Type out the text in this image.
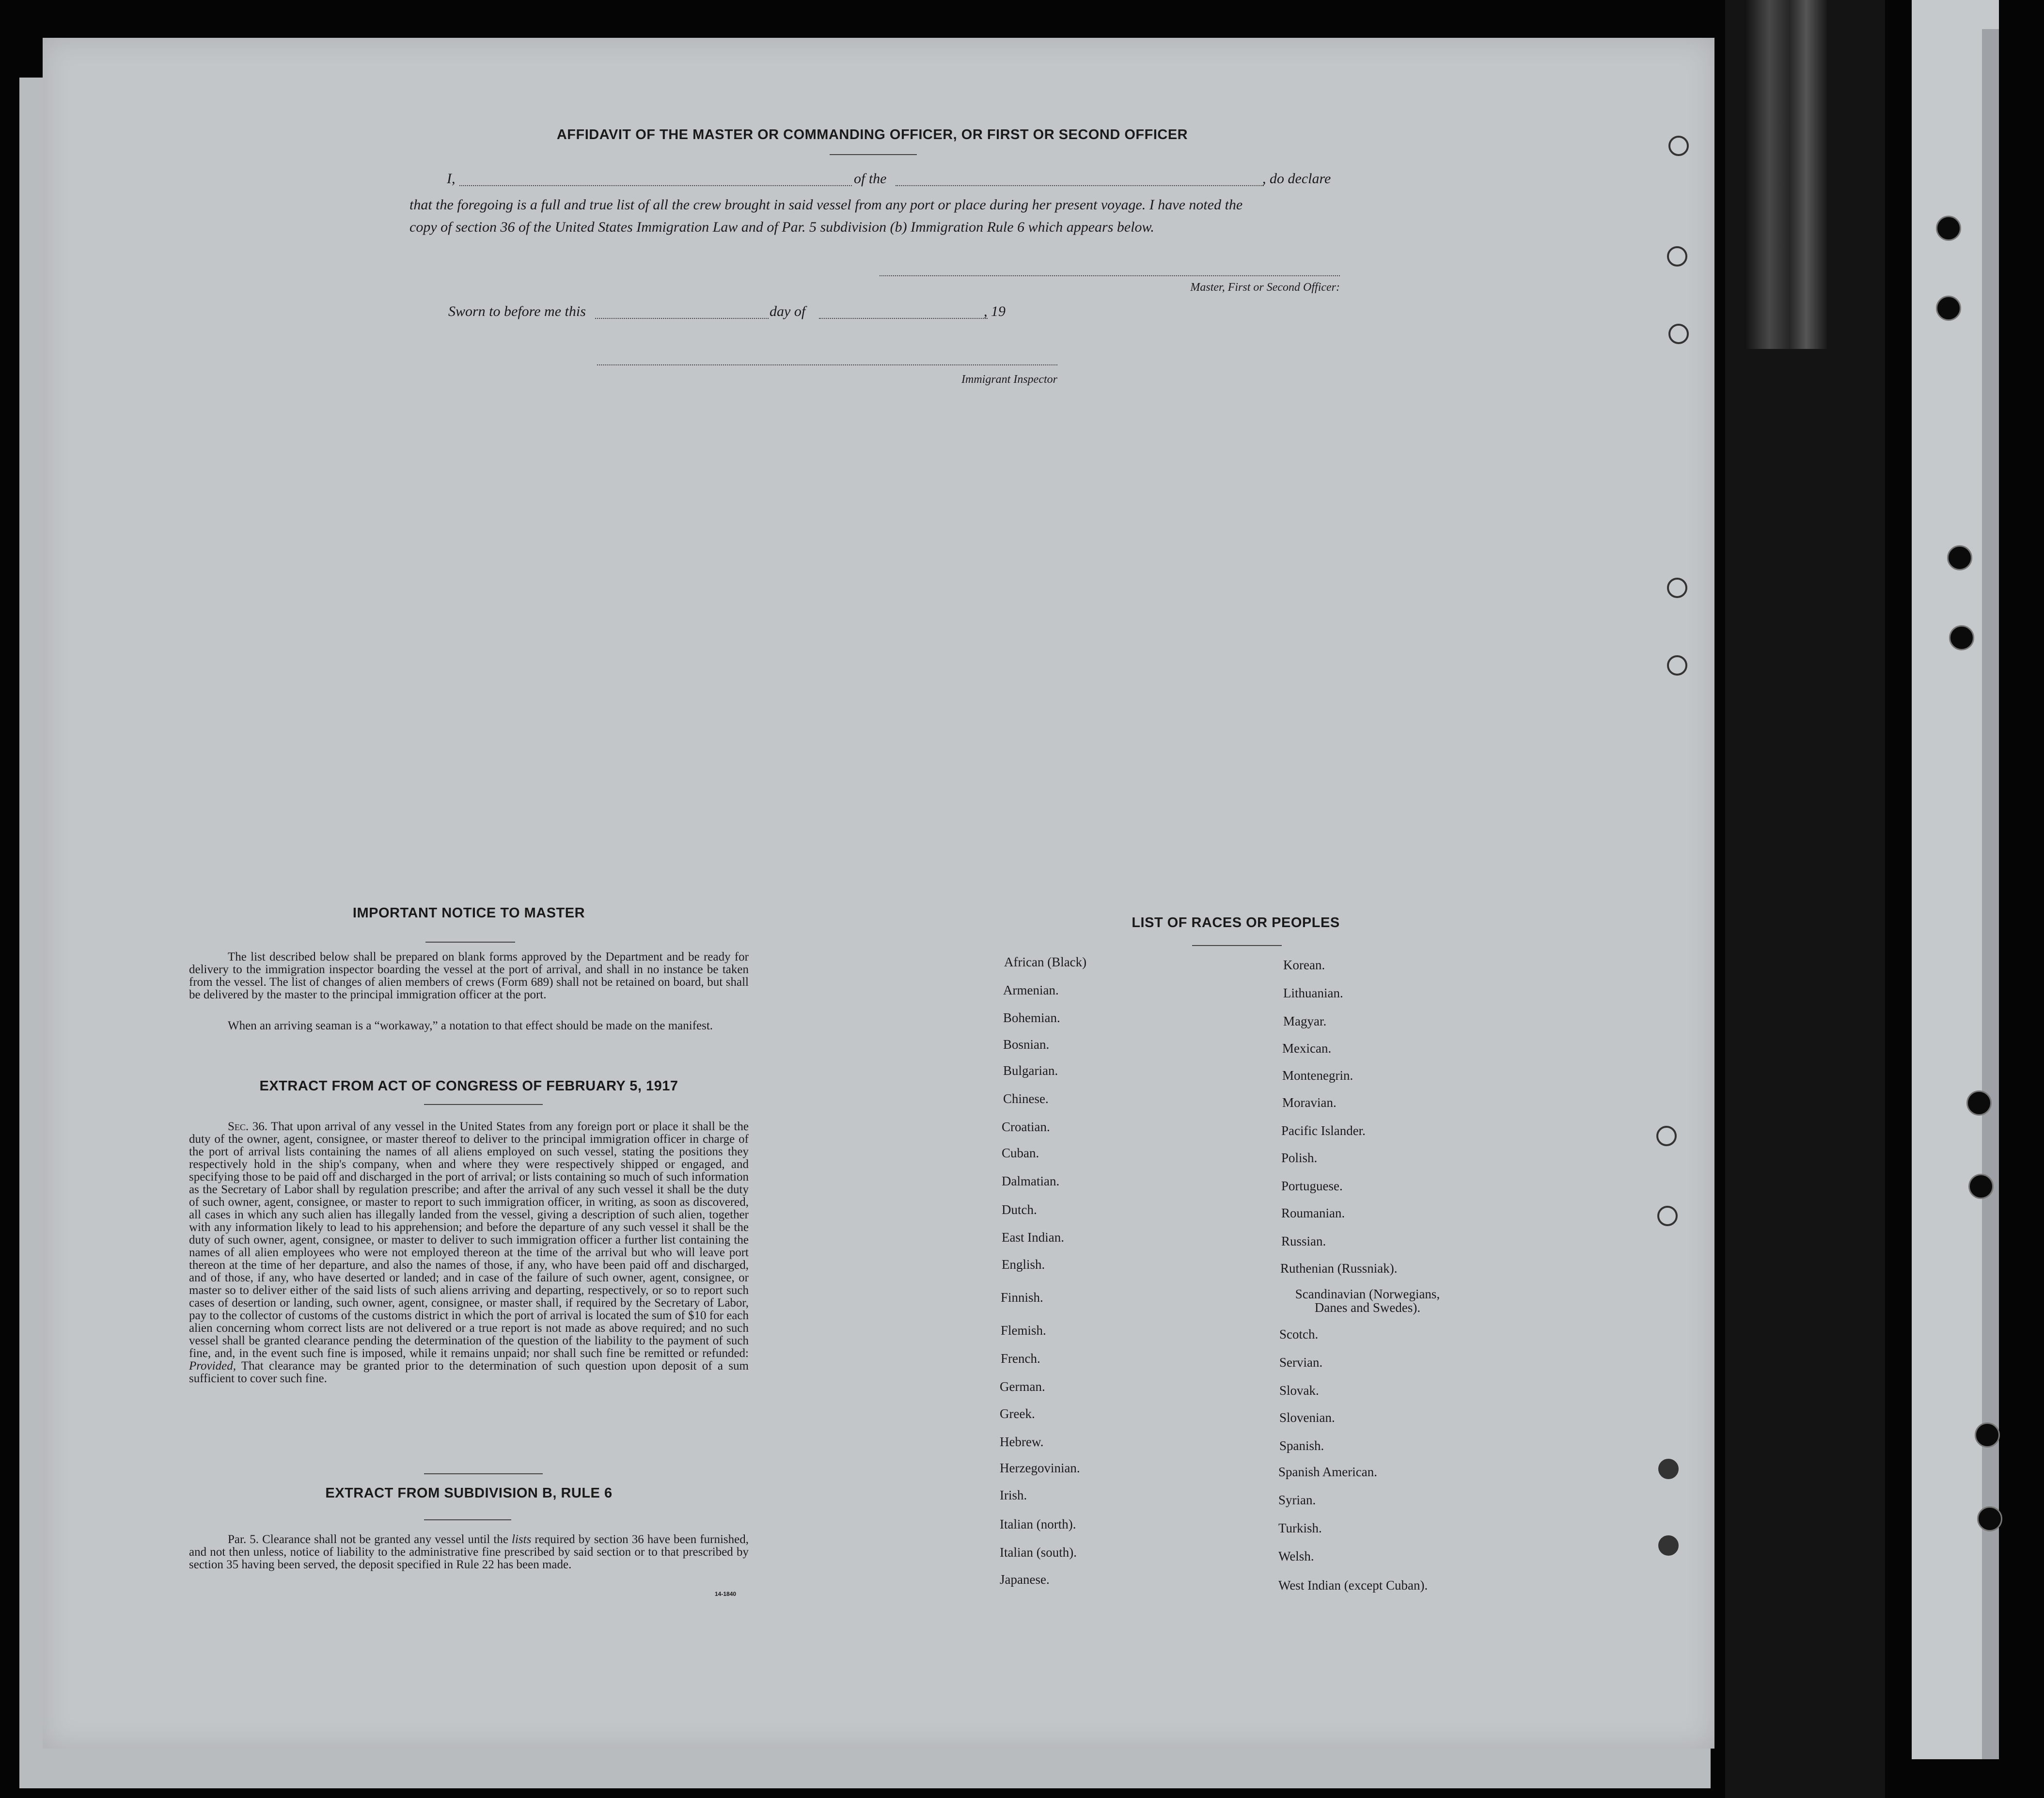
AFFIDAVIT OF THE MASTER OR COMMANDING OFFICER, OR FIRST OR SECOND OFFICER
I,	of the	, do declare
that the foregoing is a full and true list of all the crew brought in said vessel from any port or place during her present voyage. I have noted the
copy of section 36 of the United States Immigration Law and of Par. 5 subdivision (b) Immigration Rule 6 which appears below.
Master, First or Second Officer:
Sworn to before me this	day of	, 19
Immigrant Inspector
IMPORTANT NOTICE TO MASTER
The list described below shall be prepared on blank forms approved by the Department and be ready for delivery to the immigration inspector boarding the vessel at the port of arrival, and shall in no instance be taken from the vessel. The list of changes of alien members of crews (Form 689) shall not be retained on board, but shall be delivered by the master to the principal immigration officer at the port.
When an arriving seaman is a “workaway,” a notation to that effect should be made on the manifest.
EXTRACT FROM ACT OF CONGRESS OF FEBRUARY 5, 1917
Sec. 36. That upon arrival of any vessel in the United States from any foreign port or place it shall be the duty of the owner, agent, consignee, or master thereof to deliver to the principal immigration officer in charge of the port of arrival lists containing the names of all aliens employed on such vessel, stating the positions they respectively hold in the ship's company, when and where they were respectively shipped or engaged, and specifying those to be paid off and discharged in the port of arrival; or lists containing so much of such information as the Secretary of Labor shall by regulation prescribe; and after the arrival of any such vessel it shall be the duty of such owner, agent, consignee, or master to report to such immigration officer, in writing, as soon as discovered, all cases in which any such alien has illegally landed from the vessel, giving a description of such alien, together with any information likely to lead to his apprehension; and before the departure of any such vessel it shall be the duty of such owner, agent, consignee, or master to deliver to such immigration officer a further list containing the names of all alien employees who were not employed thereon at the time of the arrival but who will leave port thereon at the time of her departure, and also the names of those, if any, who have been paid off and discharged, and of those, if any, who have deserted or landed; and in case of the failure of such owner, agent, consignee, or master so to deliver either of the said lists of such aliens arriving and departing, respectively, or so to report such cases of desertion or landing, such owner, agent, consignee, or master shall, if required by the Secretary of Labor, pay to the collector of customs of the customs district in which the port of arrival is located the sum of $10 for each alien concerning whom correct lists are not delivered or a true report is not made as above required; and no such vessel shall be granted clearance pending the determination of the question of the liability to the payment of such fine, and, in the event such fine is imposed, while it remains unpaid; nor shall such fine be remitted or refunded: Provided, That clearance may be granted prior to the determination of such question upon deposit of a sum sufficient to cover such fine.
EXTRACT FROM SUBDIVISION B, RULE 6
Par. 5. Clearance shall not be granted any vessel until the lists required by section 36 have been furnished, and not then unless, notice of liability to the administrative fine prescribed by said section or to that prescribed by section 35 having been served, the deposit specified in Rule 22 has been made.
14-1840
LIST OF RACES OR PEOPLES
African (Black)
Armenian.
Bohemian.
Bosnian.
Bulgarian.
Chinese.
Croatian.
Cuban.
Dalmatian.
Dutch.
East Indian.
English.
Finnish.
Flemish.
French.
German.
Greek.
Hebrew.
Herzegovinian.
Irish.
Italian (north).
Italian (south).
Japanese.
Korean.
Lithuanian.
Magyar.
Mexican.
Montenegrin.
Moravian.
Pacific Islander.
Polish.
Portuguese.
Roumanian.
Russian.
Ruthenian (Russniak).
Scandinavian (Norwegians, Danes and Swedes).
Scotch.
Servian.
Slovak.
Slovenian.
Spanish.
Spanish American.
Syrian.
Turkish.
Welsh.
West Indian (except Cuban).
